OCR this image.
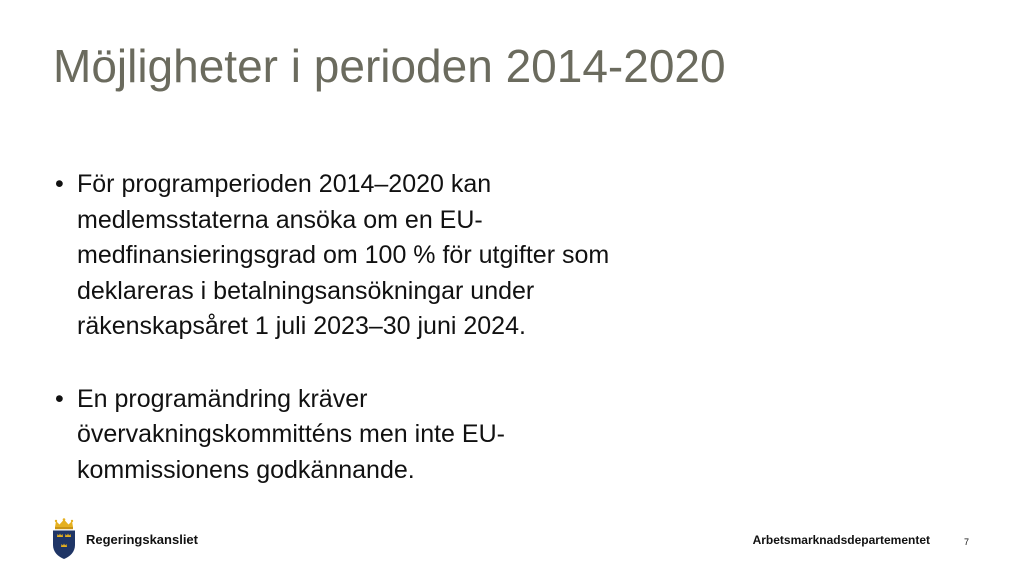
Möjligheter i perioden 2014-2020
• För programperioden 2014–2020 kan
medlemsstaterna ansöka om en EU-
medfinansieringsgrad om 100 % för utgifter som
deklareras i betalningsansökningar under
räkenskapsåret 1 juli 2023–30 juni 2024.
• En programändring kräver
övervakningskommitténs men inte EU-
kommissionens godkännande.
Regeringskansliet	Arbetsmarknadsdepartementet	7
